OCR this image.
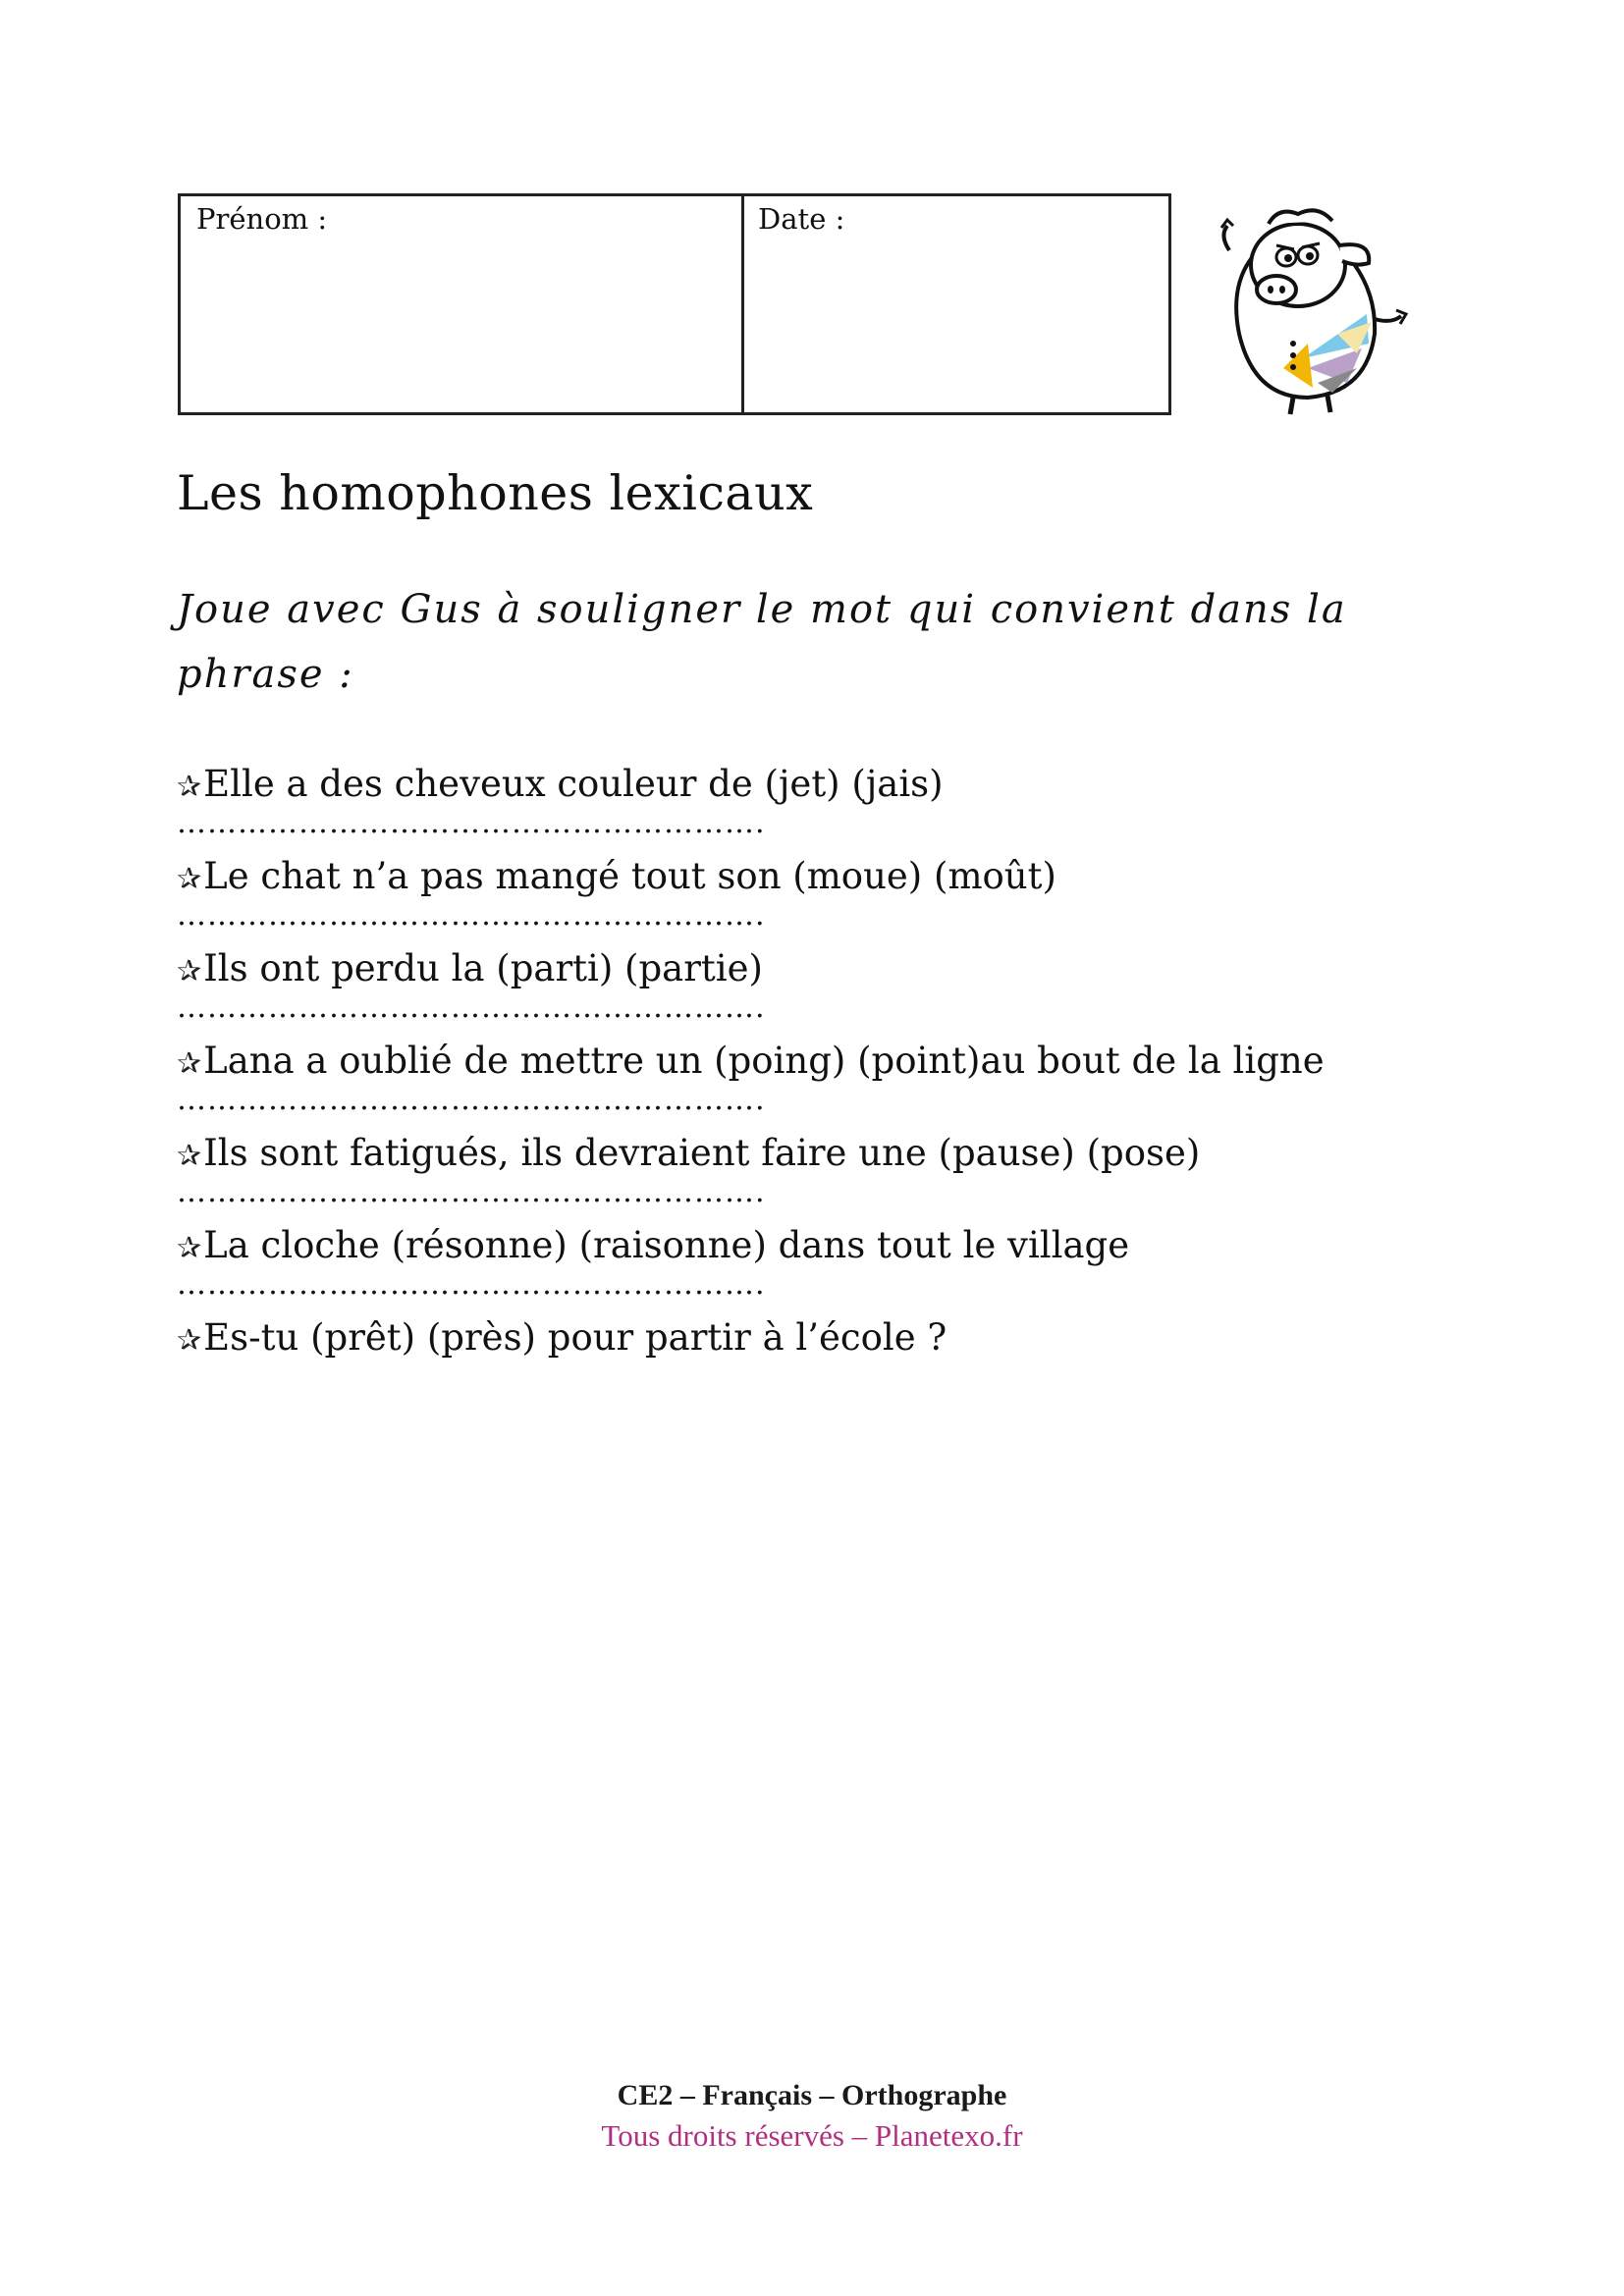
Prénom :	Date :
Les homophones lexicaux

Joue avec Gus à souligner le mot qui convient dans la phrase :

✰Elle a des cheveux couleur de (jet) (jais)
………………………………………………….
✰Le chat n’a pas mangé tout son (moue) (moût)
………………………………………………….
✰Ils ont perdu la (parti) (partie)
………………………………………………….
✰Lana a oublié de mettre un (poing) (point)au bout de la ligne
………………………………………………….
✰Ils sont fatigués, ils devraient faire une (pause) (pose)
………………………………………………….
✰La cloche (résonne) (raisonne) dans tout le village
………………………………………………….
✰Es-tu (prêt) (près) pour partir à l’école ?
CE2 – Français – Orthographe
Tous droits réservés – Planetexo.fr
